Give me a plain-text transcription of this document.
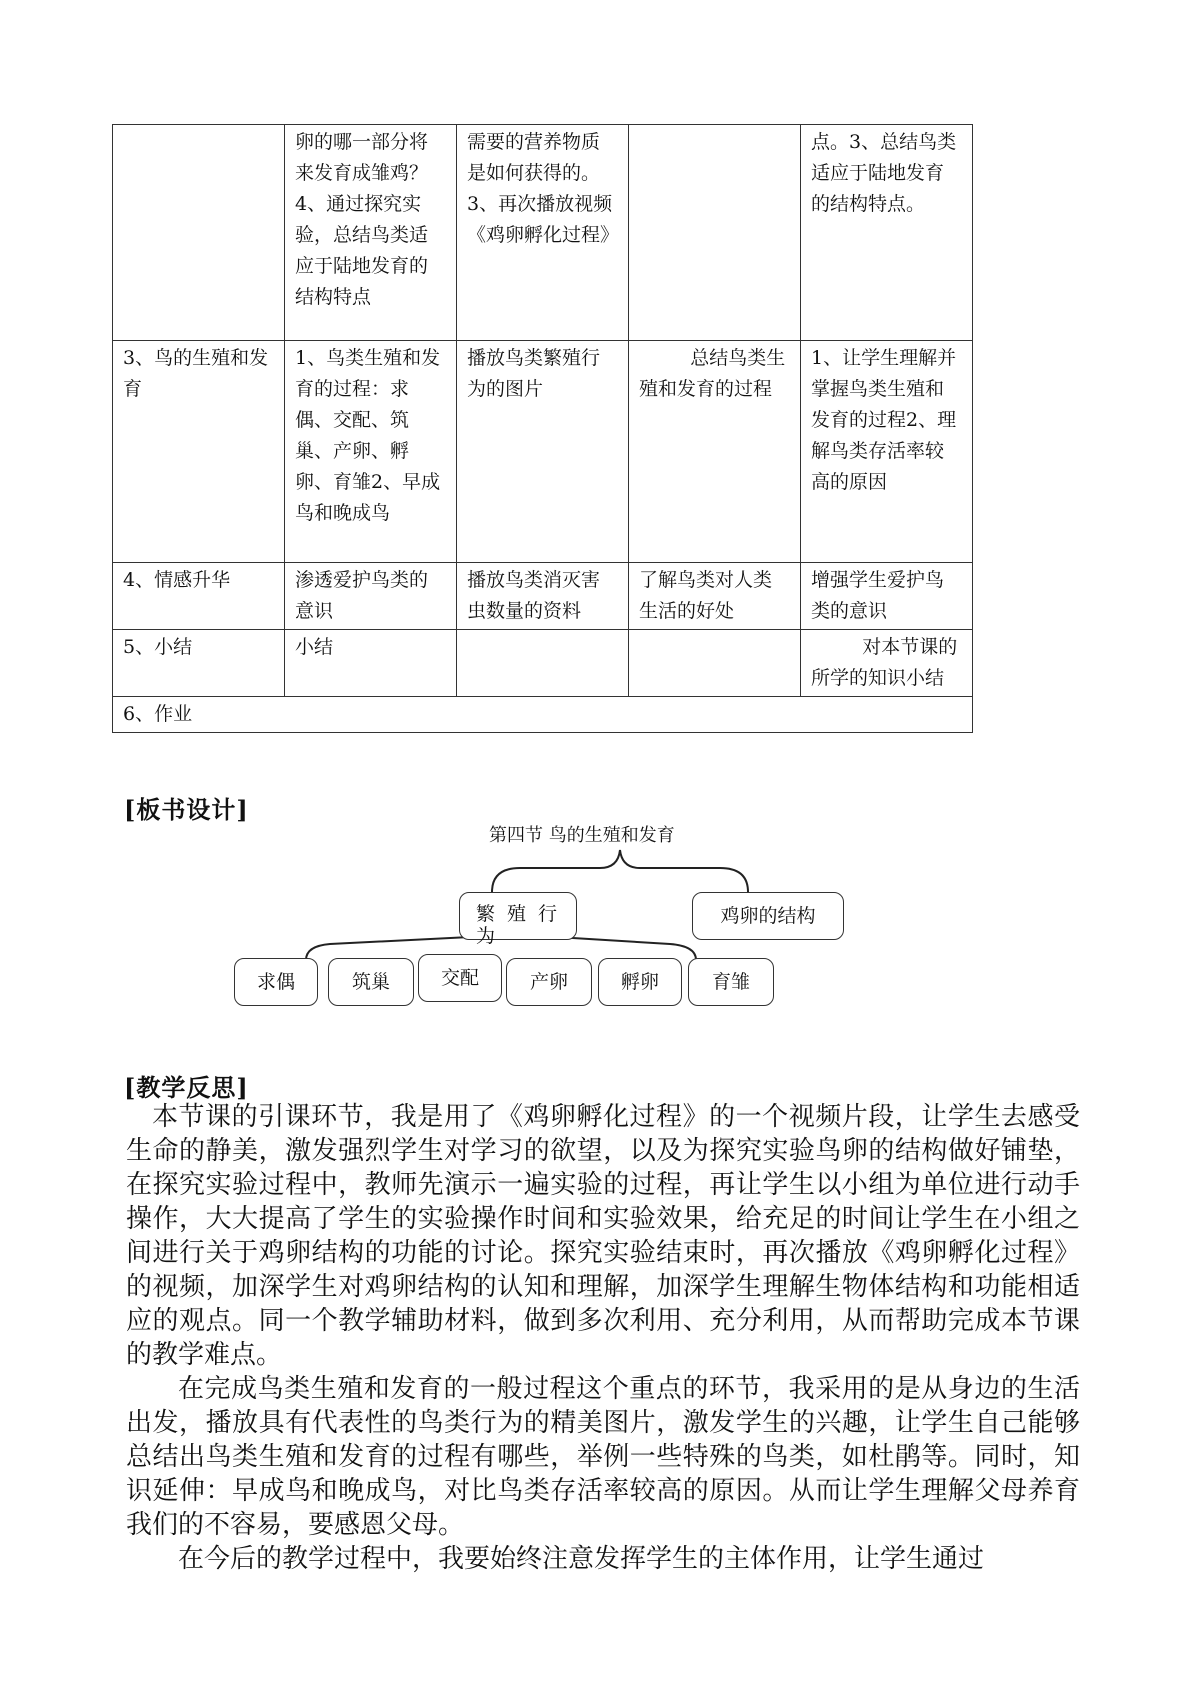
	卵的哪一部分将来发育成雏鸡？4、通过探究实验，总结鸟类适应于陆地发育的结构特点	需要的营养物质是如何获得的。3、再次播放视频《鸡卵孵化过程》		点。3、总结鸟类适应于陆地发育的结构特点。
3、鸟的生殖和发育	1、鸟类生殖和发育的过程：求偶、交配、筑巢、产卵、孵卵、育雏2、早成鸟和晚成鸟	播放鸟类繁殖行为的图片	总结鸟类生殖和发育的过程	1、让学生理解并掌握鸟类生殖和发育的过程2、理解鸟类存活率较高的原因
4、情感升华	渗透爱护鸟类的意识	播放鸟类消灭害虫数量的资料	了解鸟类对人类生活的好处	增强学生爱护鸟类的意识
5、小结	小结			对本节课的所学的知识小结
6、作业				
[板书设计]
第四节 鸟的生殖和发育
繁殖行为
鸡卵的结构
求偶	筑巢	交配	产卵	孵卵	育雏
[教学反思]

本节课的引课环节，我是用了《鸡卵孵化过程》的一个视频片段，让学生去感受生命的静美，激发强烈学生对学习的欲望，以及为探究实验鸟卵的结构做好铺垫，在探究实验过程中，教师先演示一遍实验的过程，再让学生以小组为单位进行动手操作，大大提高了学生的实验操作时间和实验效果，给充足的时间让学生在小组之间进行关于鸡卵结构的功能的讨论。探究实验结束时，再次播放《鸡卵孵化过程》的视频，加深学生对鸡卵结构的认知和理解，加深学生理解生物体结构和功能相适应的观点。同一个教学辅助材料，做到多次利用、充分利用，从而帮助完成本节课的教学难点。

在完成鸟类生殖和发育的一般过程这个重点的环节，我采用的是从身边的生活出发，播放具有代表性的鸟类行为的精美图片，激发学生的兴趣，让学生自己能够总结出鸟类生殖和发育的过程有哪些，举例一些特殊的鸟类，如杜鹃等。同时，知识延伸：早成鸟和晚成鸟，对比鸟类存活率较高的原因。从而让学生理解父母养育我们的不容易，要感恩父母。

在今后的教学过程中，我要始终注意发挥学生的主体作用，让学生通过
